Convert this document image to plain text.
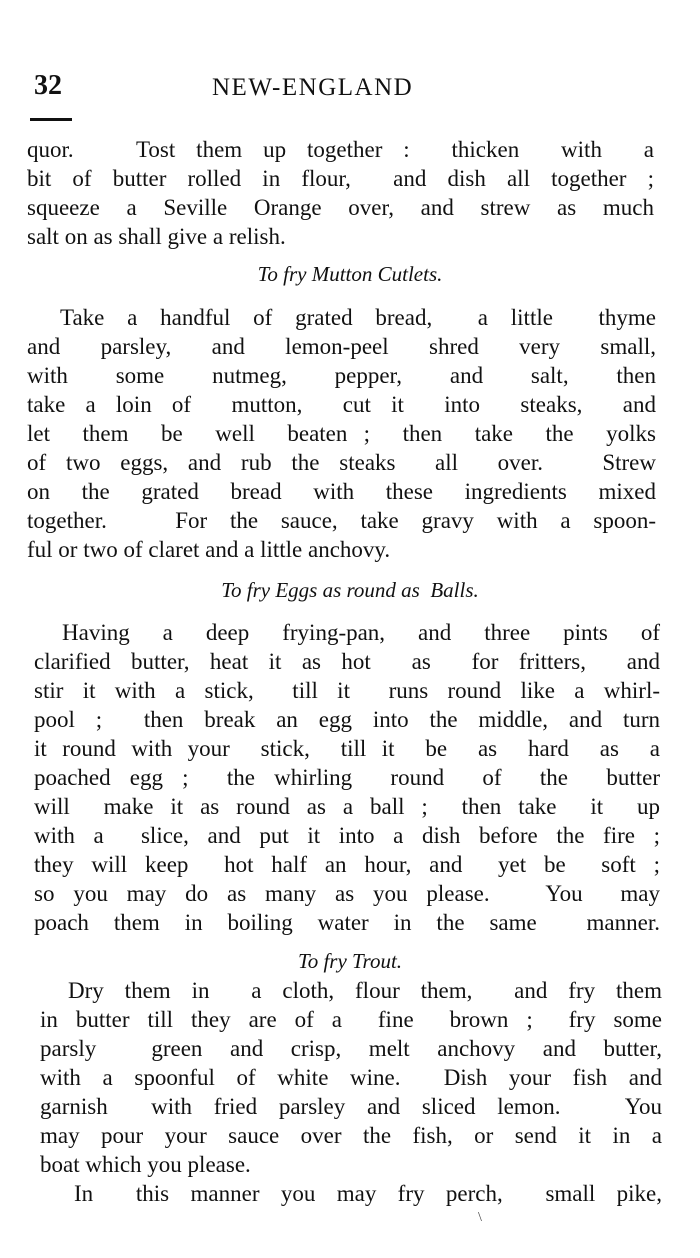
32	NEW-ENGLAND
quor.   Tost them up together :  thicken  with  a
bit of butter rolled in flour,  and dish all together ;
squeeze a Seville Orange over, and strew as much
salt on as shall give a relish.
To fry Mutton Cutlets.
Take a handful of grated bread,  a little  thyme
and parsley, and lemon-peel shred very small,
with  some  nutmeg,  pepper,  and  salt,  then
take a loin of  mutton,  cut it  into  steaks,  and
let  them  be  well  beaten ;  then  take  the  yolks
of two eggs, and rub the steaks  all  over.   Strew
on the grated bread with these ingredients mixed
together.   For the sauce, take gravy with a spoon-
ful or two of claret and a little anchovy.
To fry Eggs as round as  Balls.
Having a deep frying-pan, and three pints of
clarified butter, heat it as hot  as  for fritters,  and
stir it with a stick,  till it  runs round like a whirl-
pool ;  then break an egg into the middle, and turn
it round with your  stick,  till it  be  as  hard  as  a
poached egg ;  the whirling  round  of  the  butter
will  make it as round as a ball ;  then take  it  up
with a  slice, and put it into a dish before the fire ;
they will keep  hot half an hour, and  yet be  soft ;
so you may do as many as you please.   You  may
poach them in boiling water in the same  manner.
To fry Trout.
Dry them in  a cloth, flour them,  and fry them
in butter till they are of a  fine  brown ;  fry some
parsly  green and crisp, melt anchovy and butter,
with a spoonful of white wine.  Dish your fish and
garnish  with fried parsley and sliced lemon.   You
may pour your sauce over the fish, or send it in a
boat which you please.
In  this manner you may fry perch,  small pike,
\
